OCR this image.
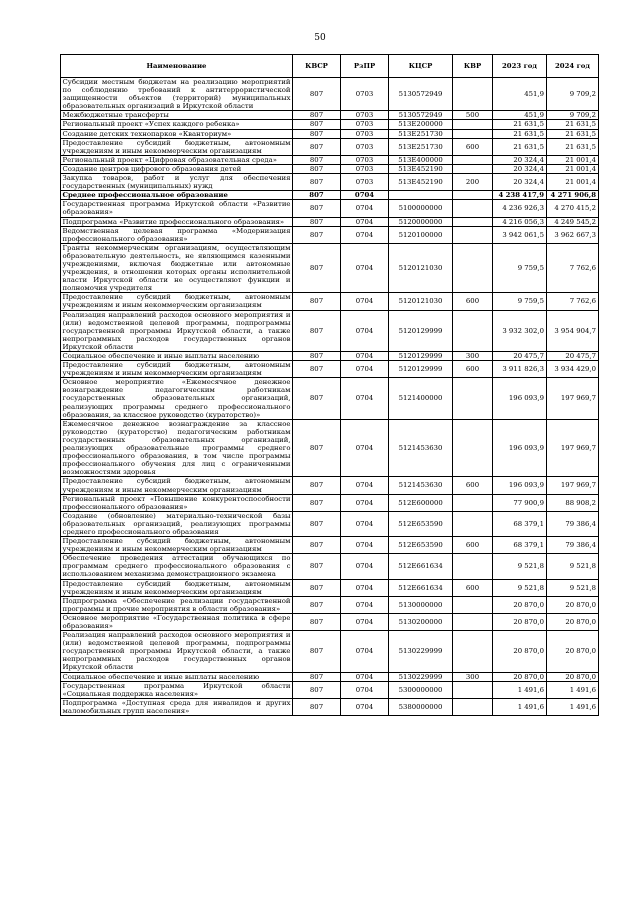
50
Наименование	КВСР	РзПР	КЦСР	КВР	2023 год	2024 год
Субсидии местным бюджетам на реализацию мероприятий по соблюдению требований к антитеррористической защищенности объектов (территорий) муниципальных образовательных организаций в Иркутской области	807	0703	5130572949		451,9	9 709,2
Межбюджетные трансферты	807	0703	5130572949	500	451,9	9 709,2
Региональный проект «Успех каждого ребенка»	807	0703	513E200000		21 631,5	21 631,5
Создание детских технопарков «Кванториум»	807	0703	513E251730		21 631,5	21 631,5
Предоставление субсидий бюджетным, автономным учреждениям и иным некоммерческим организациям	807	0703	513E251730	600	21 631,5	21 631,5
Региональный проект «Цифровая образовательная среда»	807	0703	513E400000		20 324,4	21 001,4
Создание центров цифрового образования детей	807	0703	513E452190		20 324,4	21 001,4
Закупка товаров, работ и услуг для обеспечения государственных (муниципальных) нужд	807	0703	513E452190	200	20 324,4	21 001,4
Среднее профессиональное образование	807	0704			4 238 417,9	4 271 906,8
Государственная программа Иркутской области «Развитие образования»	807	0704	5100000000		4 236 926,3	4 270 415,2
Подпрограмма «Развитие профессионального образования»	807	0704	5120000000		4 216 056,3	4 249 545,2
Ведомственная целевая программа «Модернизация профессионального образования»	807	0704	5120100000		3 942 061,5	3 962 667,3
Гранты некоммерческим организациям, осуществляющим образовательную деятельность, не являющимся казенными учреждениями, включая бюджетные или автономные учреждения, в отношении которых органы исполнительной власти Иркутской области не осуществляют функции и полномочия учредителя	807	0704	5120121030		9 759,5	7 762,6
Предоставление субсидий бюджетным, автономным учреждениям и иным некоммерческим организациям	807	0704	5120121030	600	9 759,5	7 762,6
Реализация направлений расходов основного мероприятия и (или) ведомственной целевой программы, подпрограммы государственной программы Иркутской области, а также непрограммных расходов государственных органов Иркутской области	807	0704	5120129999		3 932 302,0	3 954 904,7
Социальное обеспечение и иные выплаты населению	807	0704	5120129999	300	20 475,7	20 475,7
Предоставление субсидий бюджетным, автономным учреждениям и иным некоммерческим организациям	807	0704	5120129999	600	3 911 826,3	3 934 429,0
Основное мероприятие «Ежемесячное денежное вознаграждение педагогическим работникам государственных образовательных организаций, реализующих программы среднего профессионального образования, за классное руководство (кураторство)»	807	0704	5121400000		196 093,9	197 969,7
Ежемесячное денежное вознаграждение за классное руководство (кураторство) педагогическим работникам государственных образовательных организаций, реализующих образовательные программы среднего профессионального образования, в том числе программы профессионального обучения для лиц с ограниченными возможностями здоровья	807	0704	5121453630		196 093,9	197 969,7
Предоставление субсидий бюджетным, автономным учреждениям и иным некоммерческим организациям	807	0704	5121453630	600	196 093,9	197 969,7
Региональный проект «Повышение конкурентоспособности профессионального образования»	807	0704	512E600000		77 900,9	88 908,2
Создание (обновление) материально-технической базы образовательных организаций, реализующих программы среднего профессионального образования	807	0704	512E653590		68 379,1	79 386,4
Предоставление субсидий бюджетным, автономным учреждениям и иным некоммерческим организациям	807	0704	512E653590	600	68 379,1	79 386,4
Обеспечение проведения аттестации обучающихся по программам среднего профессионального образования с использованием механизма демонстрационного экзамена	807	0704	512E661634		9 521,8	9 521,8
Предоставление субсидий бюджетным, автономным учреждениям и иным некоммерческим организациям	807	0704	512E661634	600	9 521,8	9 521,8
Подпрограмма «Обеспечение реализации государственной программы и прочие мероприятия в области образования»	807	0704	5130000000		20 870,0	20 870,0
Основное мероприятие «Государственная политика в сфере образования»	807	0704	5130200000		20 870,0	20 870,0
Реализация направлений расходов основного мероприятия и (или) ведомственной целевой программы, подпрограммы государственной программы Иркутской области, а также непрограммных расходов государственных органов Иркутской области	807	0704	5130229999		20 870,0	20 870,0
Социальное обеспечение и иные выплаты населению	807	0704	5130229999	300	20 870,0	20 870,0
Государственная программа Иркутской области «Социальная поддержка населения»	807	0704	5300000000		1 491,6	1 491,6
Подпрограмма «Доступная среда для инвалидов и других маломобильных групп населения»	807	0704	5380000000		1 491,6	1 491,6
